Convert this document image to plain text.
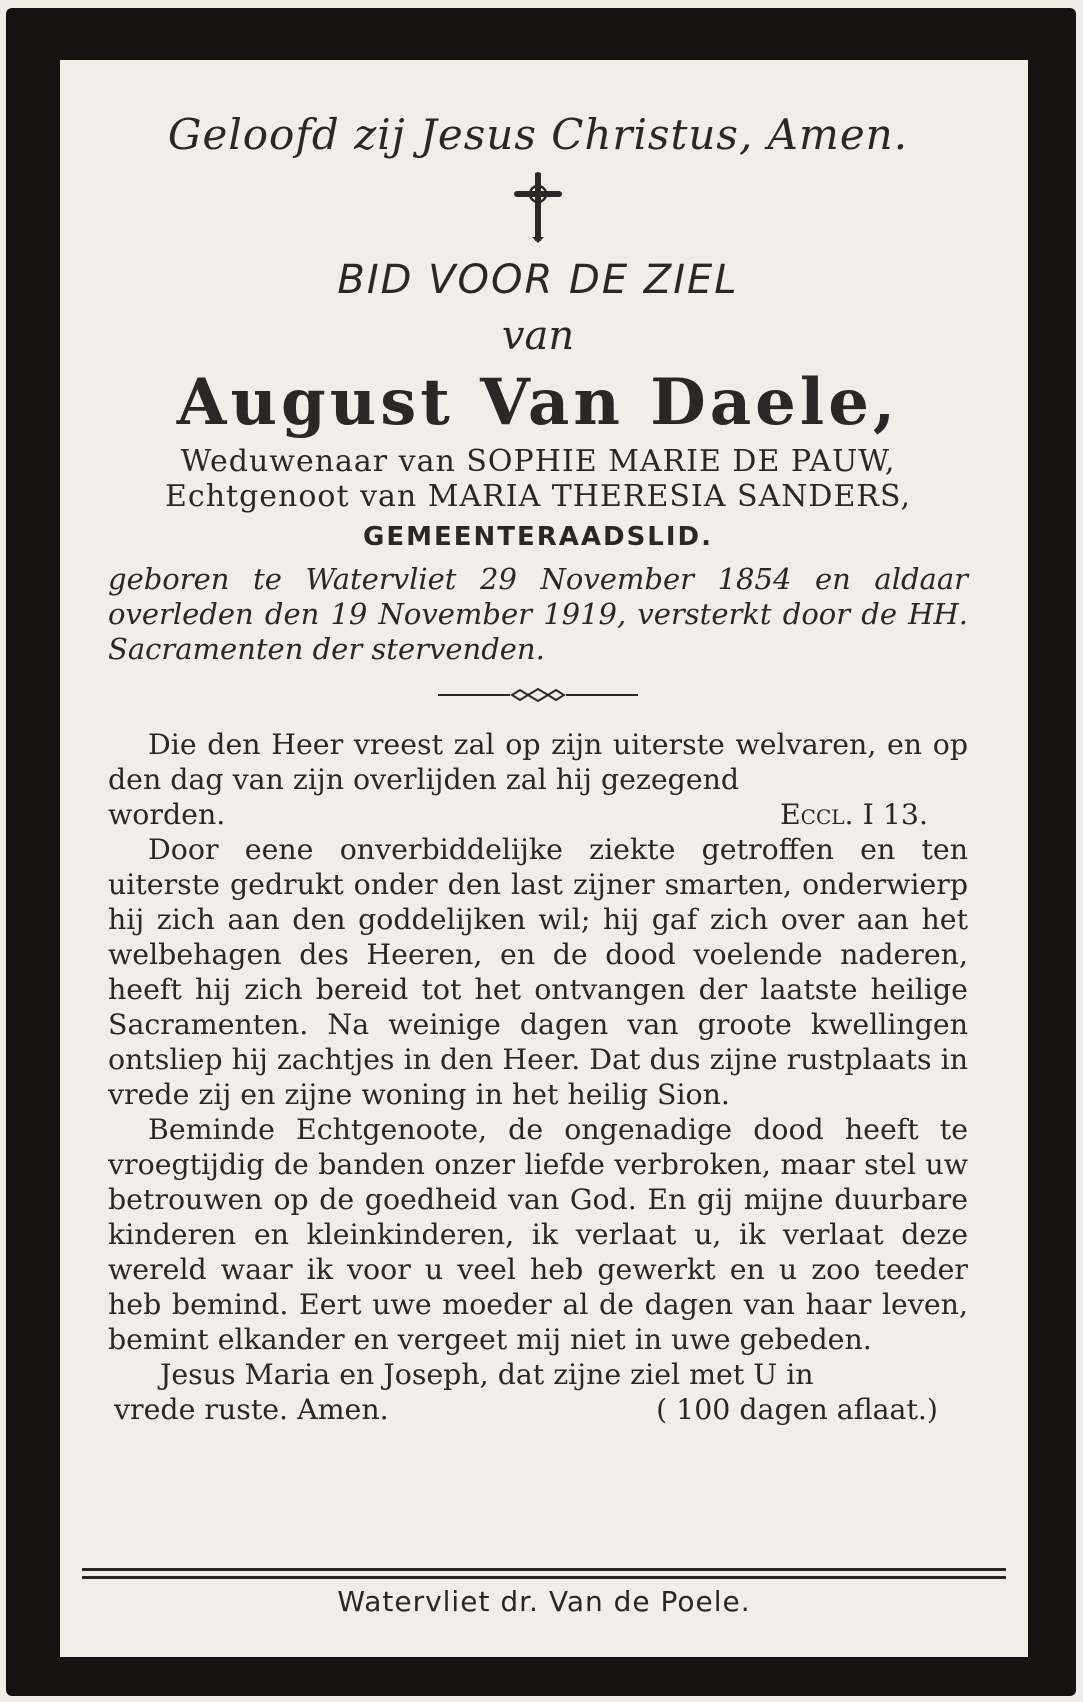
Geloofd zij Jesus Christus, Amen.
BID VOOR DE ZIEL
van
August Van Daele,
Weduwenaar van SOPHIE MARIE DE PAUW,
Echtgenoot van MARIA THERESIA SANDERS,
GEMEENTERAADSLID.
geboren te Watervliet 29 November 1854 en aldaar overleden den 19 November 1919, versterkt door de HH. Sacramenten der stervenden.

Die den Heer vreest zal op zijn uiterste welvaren, en op den dag van zijn overlijden zal hij gezegend

worden.	Eccl. I 13.

Door eene onverbiddelijke ziekte getroffen en ten uiterste gedrukt onder den last zijner smarten, onderwierp hij zich aan den goddelijken wil; hij gaf zich over aan het welbehagen des Heeren, en de dood voelende naderen, heeft hij zich bereid tot het ontvangen der laatste heilige Sacramenten. Na weinige dagen van groote kwellingen ontsliep hij zachtjes in den Heer. Dat dus zijne rustplaats in vrede zij en zijne woning in het heilig Sion.

Beminde Echtgenoote, de ongenadige dood heeft te vroegtijdig de banden onzer liefde verbroken, maar stel uw betrouwen op de goedheid van God. En gij mijne duurbare kinderen en kleinkinderen, ik verlaat u, ik verlaat deze wereld waar ik voor u veel heb gewerkt en u zoo teeder heb bemind. Eert uwe moeder al de dagen van haar leven, bemint elkander en vergeet mij niet in uwe gebeden.

Jesus Maria en Joseph, dat zijne ziel met U in

vrede ruste. Amen.	( 100 dagen aflaat.)
Watervliet dr. Van de Poele.
